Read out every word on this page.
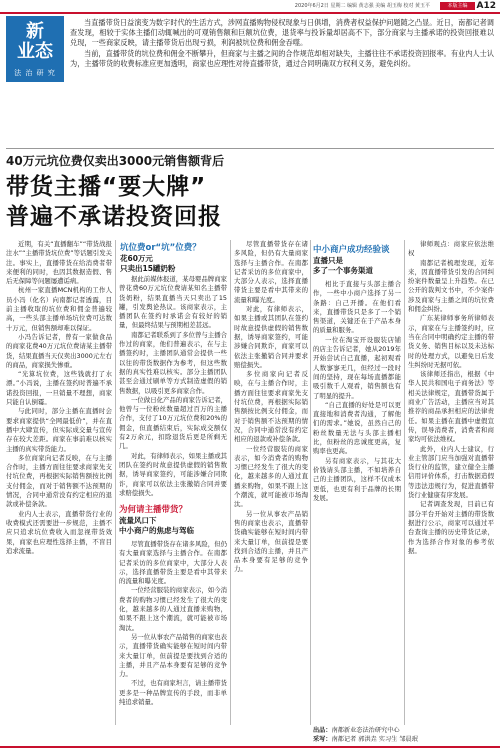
2020年6月2日 星期二 编辑 黄志强 美编 胡玉梅 校对 黄玉平	本版主编	A12
新
业态
法 治 研 究

当直播带货日益演变为数字时代的生活方式，涉网直播购物侵权现象与日俱增，消费者权益保护问题随之凸显。近日，南都记者调查发现，相较于实体主播们动辄喊出的可观销售额和巨额坑位费，退货率与投诉量却居高不下，部分商家与主播承诺的投资回报难以兑现，一些商家反映，请主播带货后出现亏损，利润被坑位费和佣金吞噬。

当前，直播带货的坑位费和佣金不断攀升，但商家与主播之间的合作规范却相对缺失，主播往往不承诺投资回报率。有业内人士认为，主播带货的收费标准应更加透明，商家也应理性对待直播带货，通过合同明确双方权利义务，避免纠纷。

40万元坑位费仅卖出3000元销售额背后
带货主播“要大牌”
普遍不承诺投资回报

近期，有关“直播翻车”“带货战报注水”“主播带货坑位费”等话题引发关注。事实上，直播带货在给消费者带来便利的同时，也因其数据造假、售后无保障等问题屡遭诟病。

杭州一家直播MCN机构的工作人员小冯（化名）向南都记者透露，目前主播收取的坑位费和佣金普遍较高，一些头部主播单场坑位费可达数十万元，但销售额却难以保证。

小冯告诉记者，曾有一家做食品的商家花费40万元坑位费请某主播带货，结果直播当天仅卖出3000元左右的商品，商家损失惨重。

“光算坑位费，这些钱就打了水漂。”小冯说，主播在签约时普遍不承诺投资回报，一旦销量不理想，商家只能自认倒霉。

与此同时，部分主播在直播时会要求商家提供“全网最低价”，并在直播中大肆宣传，但实际成交量与宣传存在较大差距。商家在事前难以核实主播的真实带货能力。

多位商家向记者反映，在与主播合作时，主播方面往往要求商家先支付坑位费，再根据实际销售额按比例支付佣金，而对于销售额不达预期的情况，合同中通常没有约定相应的退款或补偿条款。

业内人士表示，直播带货行业的收费模式还需要进一步规范，主播不应只追求坑位费收入而忽视带货效果，商家也应理性选择主播，不盲目追求流量。

坑位费or“坑”位费？
花60万元
只卖出15罐奶粉

据此前媒体报道，某母婴品牌商家曾花费60万元坑位费请某知名主播带货奶粉，结果直播当天只卖出了15罐，引发舆论热议。该商家表示，主播团队在签约时承诺会有较好的销量，但最终结果与预期相差甚远。

南都记者联系到了多位曾与主播合作过的商家，他们普遍表示，在与主播签约时，主播团队通常会提供一些以往的带货数据作为参考，但这些数据的真实性难以核实。部分主播团队甚至会通过刷单等方式制造虚假的销售数据，以吸引更多商家合作。

一位做日化产品的商家告诉记者，他曾与一位粉丝数量超过百万的主播合作，支付了10万元坑位费和20%的佣金，但直播结束后，实际成交额仅有2万余元，扣除退货后更是所剩无几。

对此，有律师表示，如果主播或其团队在签约时故意提供虚假的销售数据，诱导商家签约，可能涉嫌合同欺诈，商家可以依法主张撤销合同并要求赔偿损失。

为何请主播带货？
流量风口下
中小商户的焦虑与驾临

尽管直播带货存在诸多风险，但仍有大量商家选择与主播合作。在南都记者采访的多位商家中，大部分人表示，选择直播带货主要是看中其带来的流量和曝光度。

一位经营服装的商家表示，如今消费者的购物习惯已经发生了很大的变化，越来越多的人通过直播来购物，如果不跟上这个潮流，就可能被市场淘汰。

另一位从事农产品销售的商家也表示，直播带货确实能够在短时间内带来大量订单，但前提是要找到合适的主播，并且产品本身要有足够的竞争力。

不过，也有商家坦言，请主播带货更多是一种品牌宣传的手段，而非单纯追求销量。

尽管直播带货存在诸多风险，但仍有大量商家选择与主播合作。在南都记者采访的多位商家中，大部分人表示，选择直播带货主要是看中其带来的流量和曝光度。

对此，有律师表示，如果主播或其团队在签约时故意提供虚假的销售数据，诱导商家签约，可能涉嫌合同欺诈，商家可以依法主张撤销合同并要求赔偿损失。

多位商家向记者反映，在与主播合作时，主播方面往往要求商家先支付坑位费，再根据实际销售额按比例支付佣金，而对于销售额不达预期的情况，合同中通常没有约定相应的退款或补偿条款。

一位经营服装的商家表示，如今消费者的购物习惯已经发生了很大的变化，越来越多的人通过直播来购物，如果不跟上这个潮流，就可能被市场淘汰。

另一位从事农产品销售的商家也表示，直播带货确实能够在短时间内带来大量订单，但前提是要找到合适的主播，并且产品本身要有足够的竞争力。

中小商户成功经验谈
直播只是
多了一个事务渠道

相比于直接与头部主播合作，一些中小商户选择了另一条路：自己开播。在他们看来，直播带货只是多了一个销售渠道，关键还在于产品本身的质量和服务。

一位在淘宝开设服装店铺的店主告诉记者，她从2019年开始尝试自己直播，起初观看人数寥寥无几，但经过一段时间的坚持，现在每场直播都能吸引数千人观看，销售额也有了明显的提升。

“自己直播的好处是可以更直接地和消费者沟通，了解他们的需求。”她说，虽然自己的粉丝数量无法与头部主播相比，但粉丝的忠诚度更高，复购率也更高。

另有商家表示，与其花大价钱请头部主播，不如培养自己的主播团队，这样不仅成本更低，也更有利于品牌的长期发展。

律师观点：商家应依法维权

南都记者梳理发现，近年来，因直播带货引发的合同纠纷案件数量呈上升趋势。在已公开的裁判文书中，不少案件涉及商家与主播之间的坑位费和佣金纠纷。

广东某律师事务所律师表示，商家在与主播签约时，应当在合同中明确约定主播的带货义务、销售目标以及未达标时的处理方式，以避免日后发生纠纷时无据可依。

该律师还指出，根据《中华人民共和国电子商务法》等相关法律规定，直播带货属于商业广告活动，主播应当对其推荐的商品承担相应的法律责任。如果主播在直播中虚假宣传，误导消费者，消费者和商家均可依法维权。

此外，业内人士建议，行业主管部门应当加强对直播带货行业的监管，建立健全主播信用评价体系，打击数据造假等违法违规行为，促进直播带货行业健康有序发展。

记者调查发现，目前已有部分平台开始对主播的带货数据进行公示，商家可以通过平台查询主播的历史带货记录，作为选择合作对象的参考依据。

出品：南都新业态法治研究中心
采写：南都记者 郭洪垚 实习生 邹晨珉
